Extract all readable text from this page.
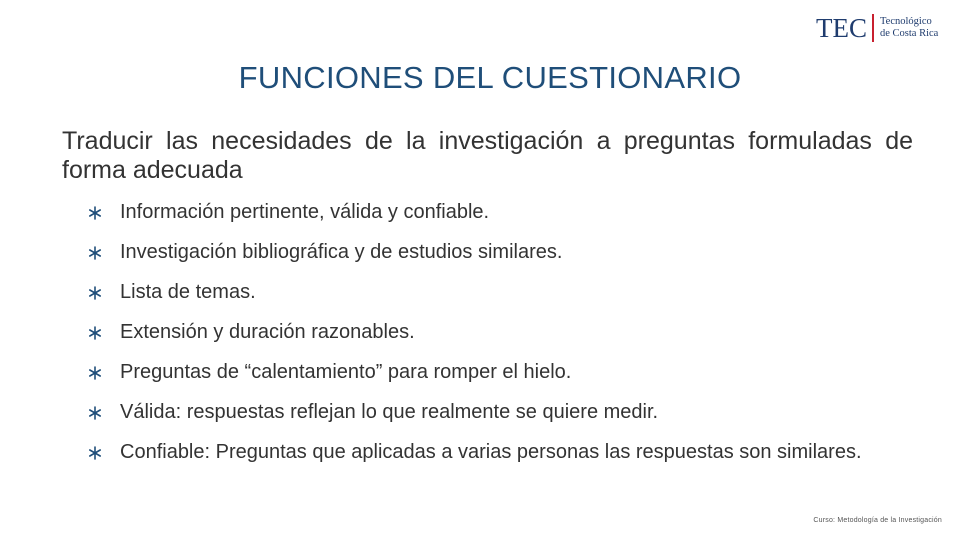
TEC Tecnológico
de Costa Rica
FUNCIONES DEL CUESTIONARIO
Traducir las necesidades de la investigación a preguntas formuladas de forma adecuada
Información pertinente, válida y confiable.
Investigación bibliográfica y de estudios similares.
Lista de temas.
Extensión y duración razonables.
Preguntas de “calentamiento” para romper el hielo.
Válida: respuestas reflejan lo que realmente se quiere medir.
Confiable: Preguntas que aplicadas a varias personas las respuestas son similares.
Curso: Metodología de la Investigación
